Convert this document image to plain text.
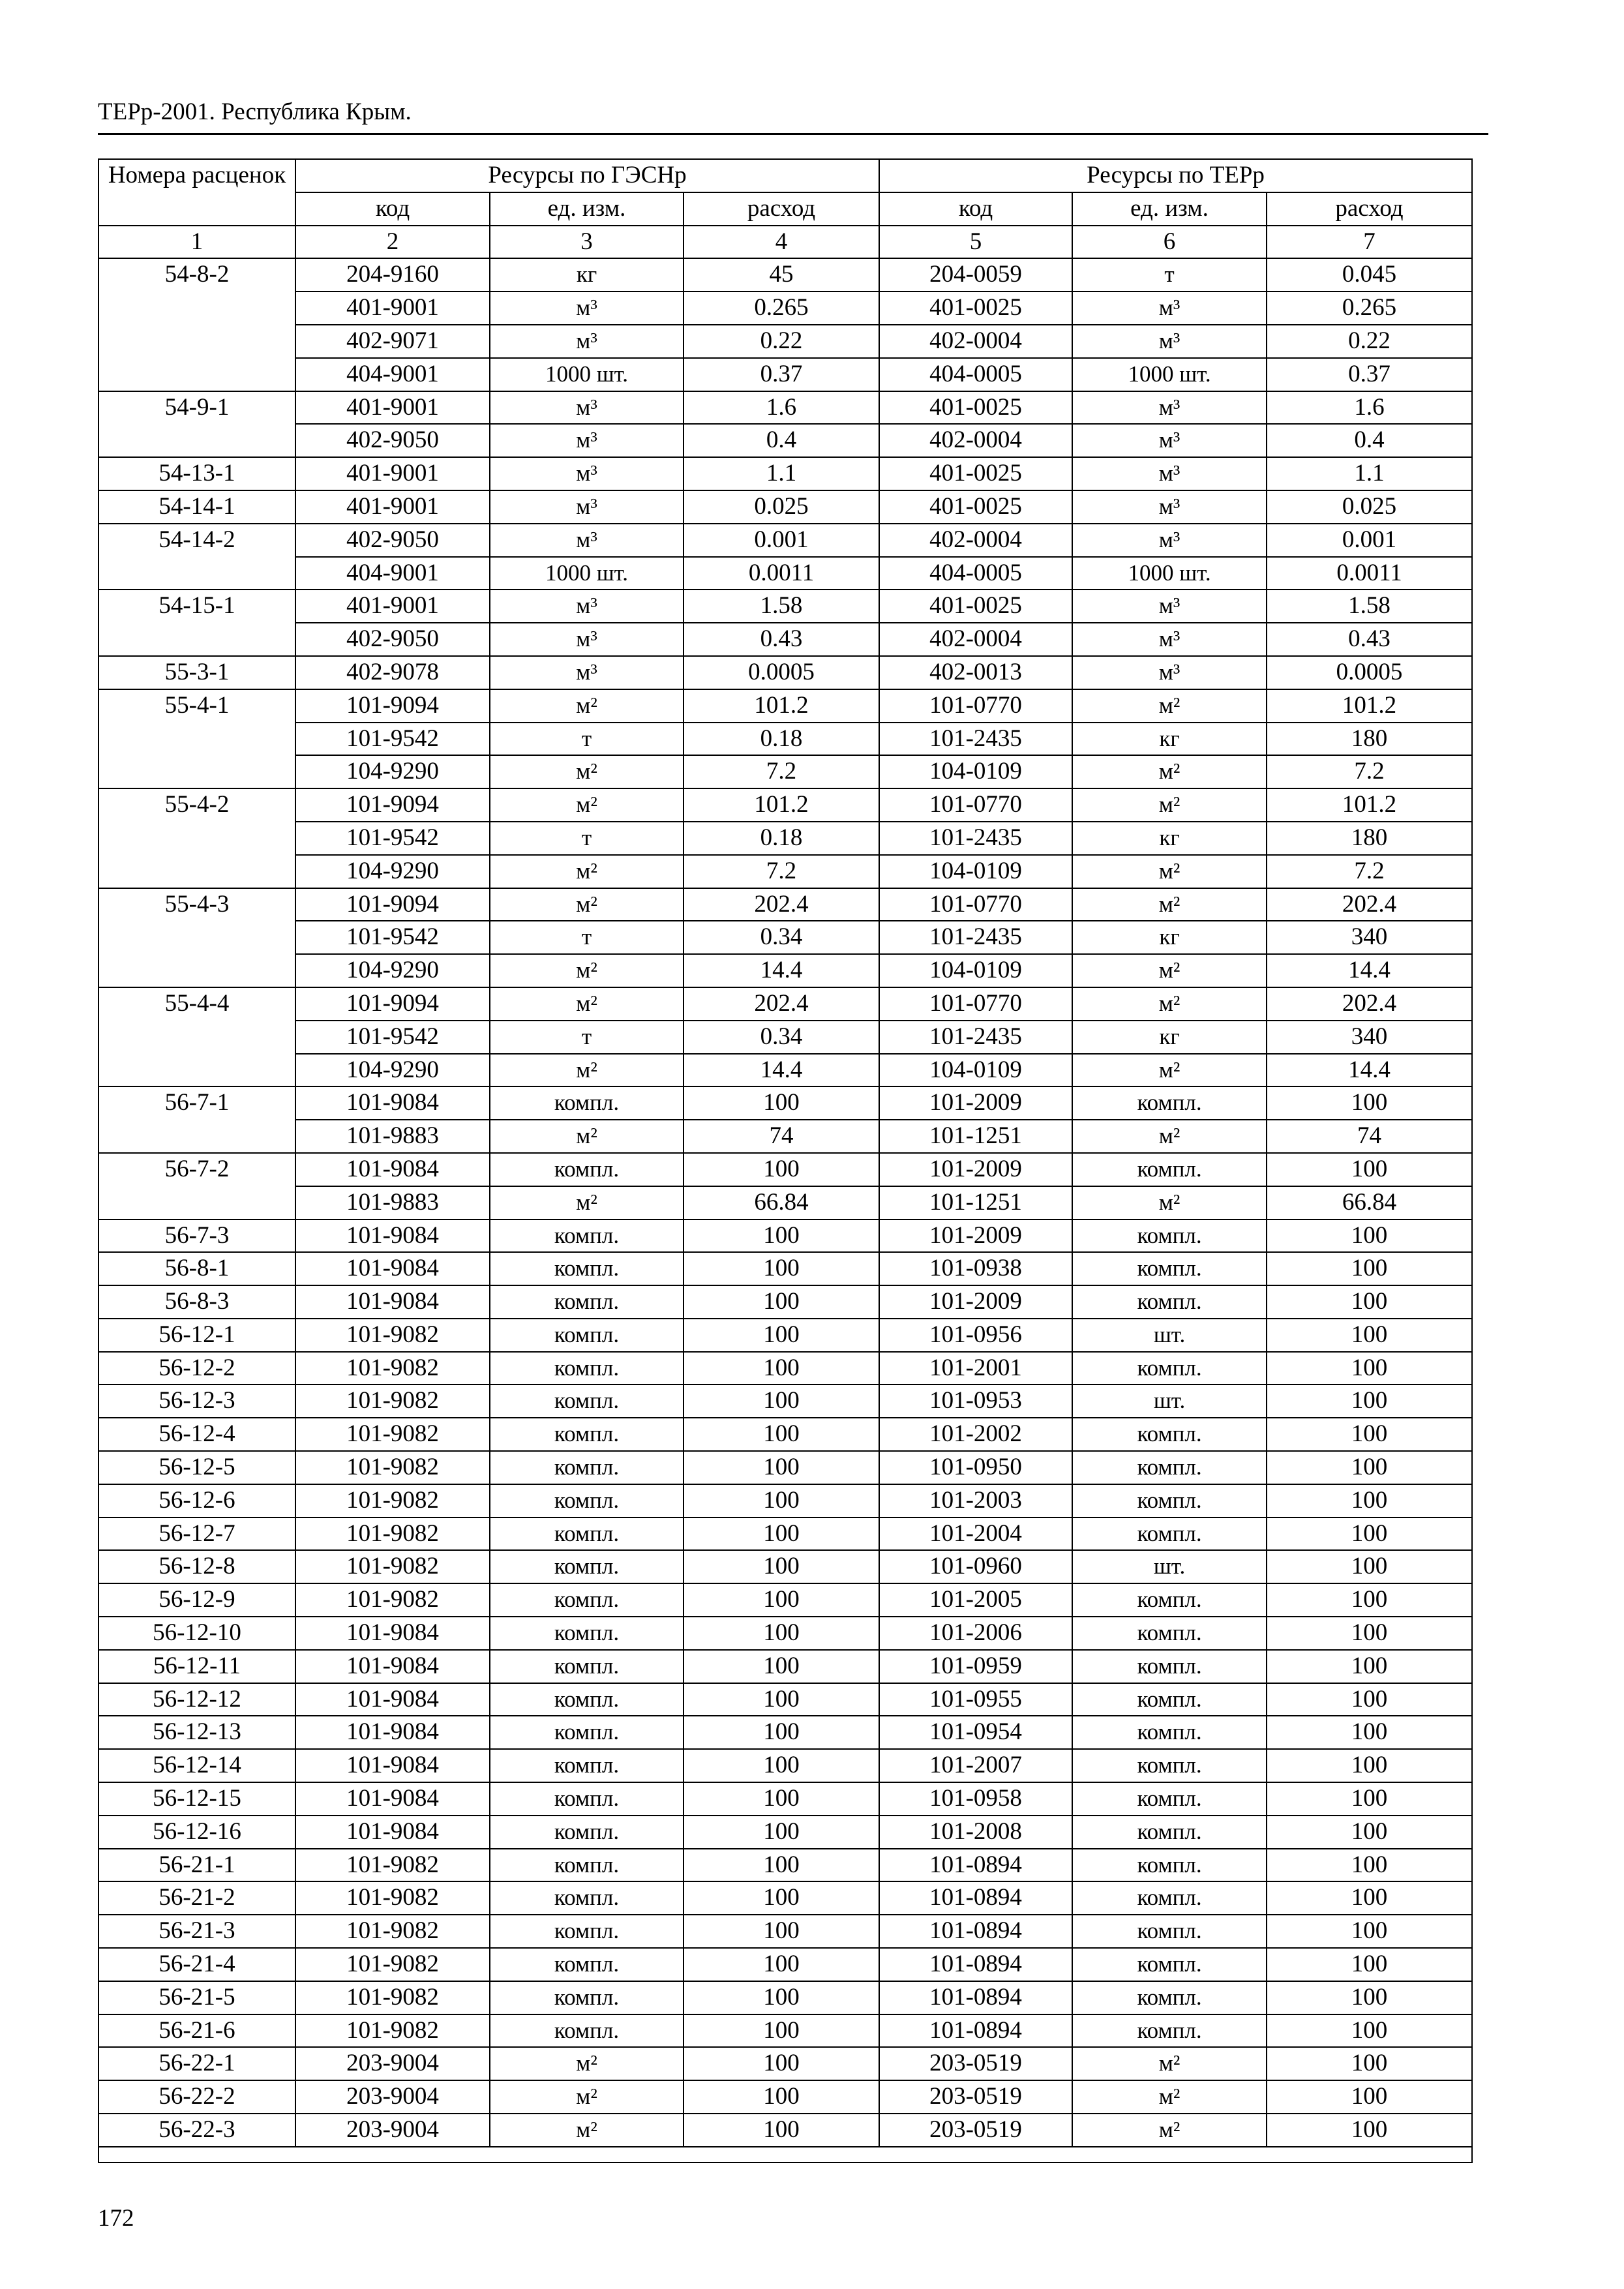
ТЕРр-2001. Республика Крым.
Номера расценок	Ресурсы по ГЭСНр			Ресурсы по ТЕРр		
	код	ед. изм.	расход	код	ед. изм.	расход
1	2	3	4	5	6	7
54-8-2	204-9160	кг	45	204-0059	т	0.045
	401-9001	м³	0.265	401-0025	м³	0.265
	402-9071	м³	0.22	402-0004	м³	0.22
	404-9001	1000 шт.	0.37	404-0005	1000 шт.	0.37
54-9-1	401-9001	м³	1.6	401-0025	м³	1.6
	402-9050	м³	0.4	402-0004	м³	0.4
54-13-1	401-9001	м³	1.1	401-0025	м³	1.1
54-14-1	401-9001	м³	0.025	401-0025	м³	0.025
54-14-2	402-9050	м³	0.001	402-0004	м³	0.001
	404-9001	1000 шт.	0.0011	404-0005	1000 шт.	0.0011
54-15-1	401-9001	м³	1.58	401-0025	м³	1.58
	402-9050	м³	0.43	402-0004	м³	0.43
55-3-1	402-9078	м³	0.0005	402-0013	м³	0.0005
55-4-1	101-9094	м²	101.2	101-0770	м²	101.2
	101-9542	т	0.18	101-2435	кг	180
	104-9290	м²	7.2	104-0109	м²	7.2
55-4-2	101-9094	м²	101.2	101-0770	м²	101.2
	101-9542	т	0.18	101-2435	кг	180
	104-9290	м²	7.2	104-0109	м²	7.2
55-4-3	101-9094	м²	202.4	101-0770	м²	202.4
	101-9542	т	0.34	101-2435	кг	340
	104-9290	м²	14.4	104-0109	м²	14.4
55-4-4	101-9094	м²	202.4	101-0770	м²	202.4
	101-9542	т	0.34	101-2435	кг	340
	104-9290	м²	14.4	104-0109	м²	14.4
56-7-1	101-9084	компл.	100	101-2009	компл.	100
	101-9883	м²	74	101-1251	м²	74
56-7-2	101-9084	компл.	100	101-2009	компл.	100
	101-9883	м²	66.84	101-1251	м²	66.84
56-7-3	101-9084	компл.	100	101-2009	компл.	100
56-8-1	101-9084	компл.	100	101-0938	компл.	100
56-8-3	101-9084	компл.	100	101-2009	компл.	100
56-12-1	101-9082	компл.	100	101-0956	шт.	100
56-12-2	101-9082	компл.	100	101-2001	компл.	100
56-12-3	101-9082	компл.	100	101-0953	шт.	100
56-12-4	101-9082	компл.	100	101-2002	компл.	100
56-12-5	101-9082	компл.	100	101-0950	компл.	100
56-12-6	101-9082	компл.	100	101-2003	компл.	100
56-12-7	101-9082	компл.	100	101-2004	компл.	100
56-12-8	101-9082	компл.	100	101-0960	шт.	100
56-12-9	101-9082	компл.	100	101-2005	компл.	100
56-12-10	101-9084	компл.	100	101-2006	компл.	100
56-12-11	101-9084	компл.	100	101-0959	компл.	100
56-12-12	101-9084	компл.	100	101-0955	компл.	100
56-12-13	101-9084	компл.	100	101-0954	компл.	100
56-12-14	101-9084	компл.	100	101-2007	компл.	100
56-12-15	101-9084	компл.	100	101-0958	компл.	100
56-12-16	101-9084	компл.	100	101-2008	компл.	100
56-21-1	101-9082	компл.	100	101-0894	компл.	100
56-21-2	101-9082	компл.	100	101-0894	компл.	100
56-21-3	101-9082	компл.	100	101-0894	компл.	100
56-21-4	101-9082	компл.	100	101-0894	компл.	100
56-21-5	101-9082	компл.	100	101-0894	компл.	100
56-21-6	101-9082	компл.	100	101-0894	компл.	100
56-22-1	203-9004	м²	100	203-0519	м²	100
56-22-2	203-9004	м²	100	203-0519	м²	100
56-22-3	203-9004	м²	100	203-0519	м²	100

172
